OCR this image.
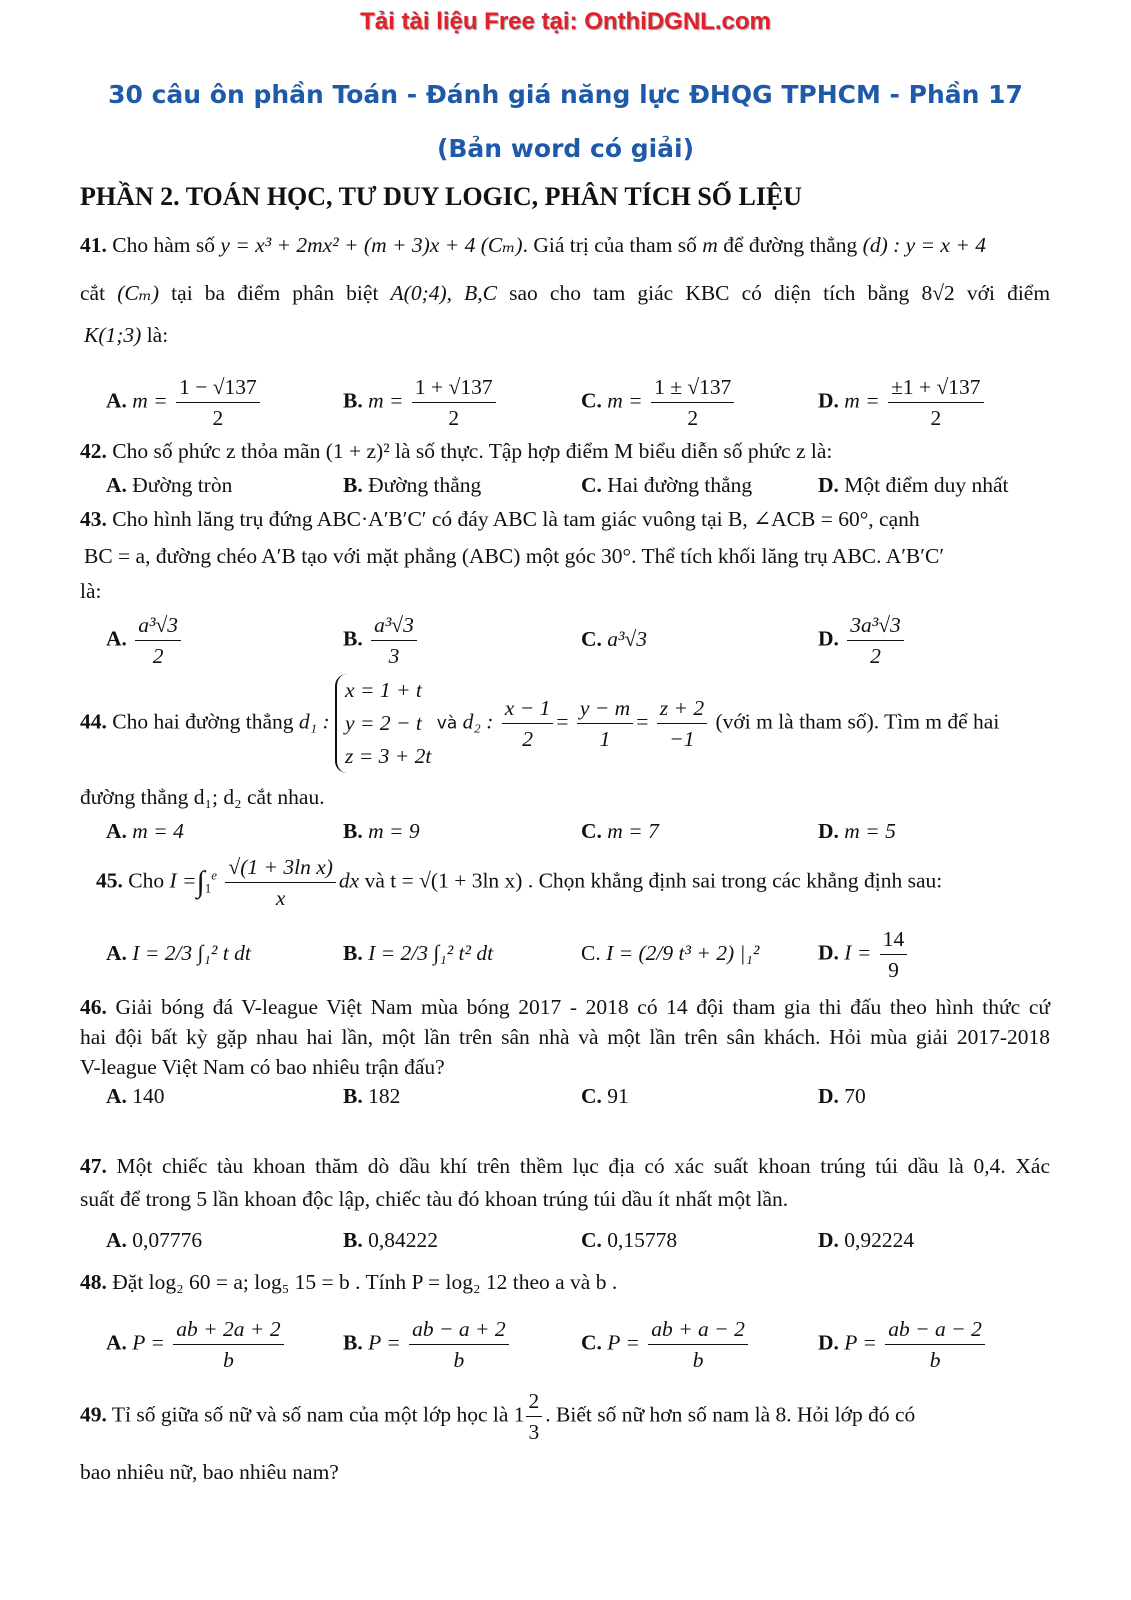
Tải tài liệu Free tại: OnthiDGNL.com
30 câu ôn phần Toán - Đánh giá năng lực ĐHQG TPHCM - Phần 17
(Bản word có giải)
PHẦN 2. TOÁN HỌC, TƯ DUY LOGIC, PHÂN TÍCH SỐ LIỆU
41. Cho hàm số y = x³ + 2mx² + (m + 3)x + 4 (Cₘ). Giá trị của tham số m để đường thẳng (d) : y = x + 4
cắt (Cₘ) tại ba điểm phân biệt A(0;4), B,C sao cho tam giác KBC có diện tích bằng 8√2 với điểm
K(1;3) là:
A. $m = \frac{1 - √137}{2}$	B. $m = \frac{1 + √137}{2}$	C. $m = \frac{1 \pm √137}{2}$	D. $m = \frac{\pm 1 + √137}{2}$
42. Cho số phức z thỏa mãn (1 + z)² là số thực. Tập hợp điểm M biểu diễn số phức z là:
A. Đường tròn	B. Đường thẳng	C. Hai đường thẳng	D. Một điểm duy nhất
43. Cho hình lăng trụ đứng ABC·A′B′C′ có đáy ABC là tam giác vuông tại B, ∠ACB = 60°, cạnh
BC = a, đường chéo A′B tạo với mặt phẳng (ABC) một góc 30°. Thể tích khối lăng trụ ABC. A′B′C′
là:
A. $\frac{\text{a³√3}}{2}$	B. $\frac{\text{a³√3}}{3}$	C. a³√3	D. $\frac{\text{3a³√3}}{2}$
44. Cho hai đường thẳng d₁ :
x = 1 + t
y = 2 − t
z = 3 + 2t
và d₂ : $\frac{x - 1}{2} = \frac{y - m}{1} = \frac{z + 2}{-1}$ (với m là tham số). Tìm m để hai
đường thẳng d₁; d₂ cắt nhau.
A. m = 4	B. m = 9	C. m = 7	D. m = 5
45. Cho $I =\int_1^e \frac{\text{√(1 + 3ln x)}}{x}$ dx và t = √(1 + 3ln x) . Chọn khẳng định sai trong các khẳng định sau:
A. I = 2/3 ∫₁² t dt	B. I = 2/3 ∫₁² t² dt	C. I = (2/9 t³ + 2) |₁²	D. $I = \frac{14}{9}$
46. Giải bóng đá V-league Việt Nam mùa bóng 2017 - 2018 có 14 đội tham gia thi đấu theo hình thức cứ
hai đội bất kỳ gặp nhau hai lần, một lần trên sân nhà và một lần trên sân khách. Hỏi mùa giải 2017-2018
V-league Việt Nam có bao nhiêu trận đấu?
A. 140	B. 182	C. 91	D. 70
47. Một chiếc tàu khoan thăm dò dầu khí trên thềm lục địa có xác suất khoan trúng túi dầu là 0,4. Xác
suất để trong 5 lần khoan độc lập, chiếc tàu đó khoan trúng túi dầu ít nhất một lần.
A. 0,07776	B. 0,84222	C. 0,15778	D. 0,92224
48. Đặt log₂ 60 = a; log₅ 15 = b . Tính P = log₂ 12 theo a và b .
A. $P = \frac{ab + 2a + 2}{b}$	B. $P = \frac{ab - a + 2}{b}$	C. $P = \frac{ab + a - 2}{b}$	D. $P = \frac{ab - a - 2}{b}$
49. Tỉ số giữa số nữ và số nam của một lớp học là $1 \frac{2}{3}$ . Biết số nữ hơn số nam là 8. Hỏi lớp đó có
bao nhiêu nữ, bao nhiêu nam?
